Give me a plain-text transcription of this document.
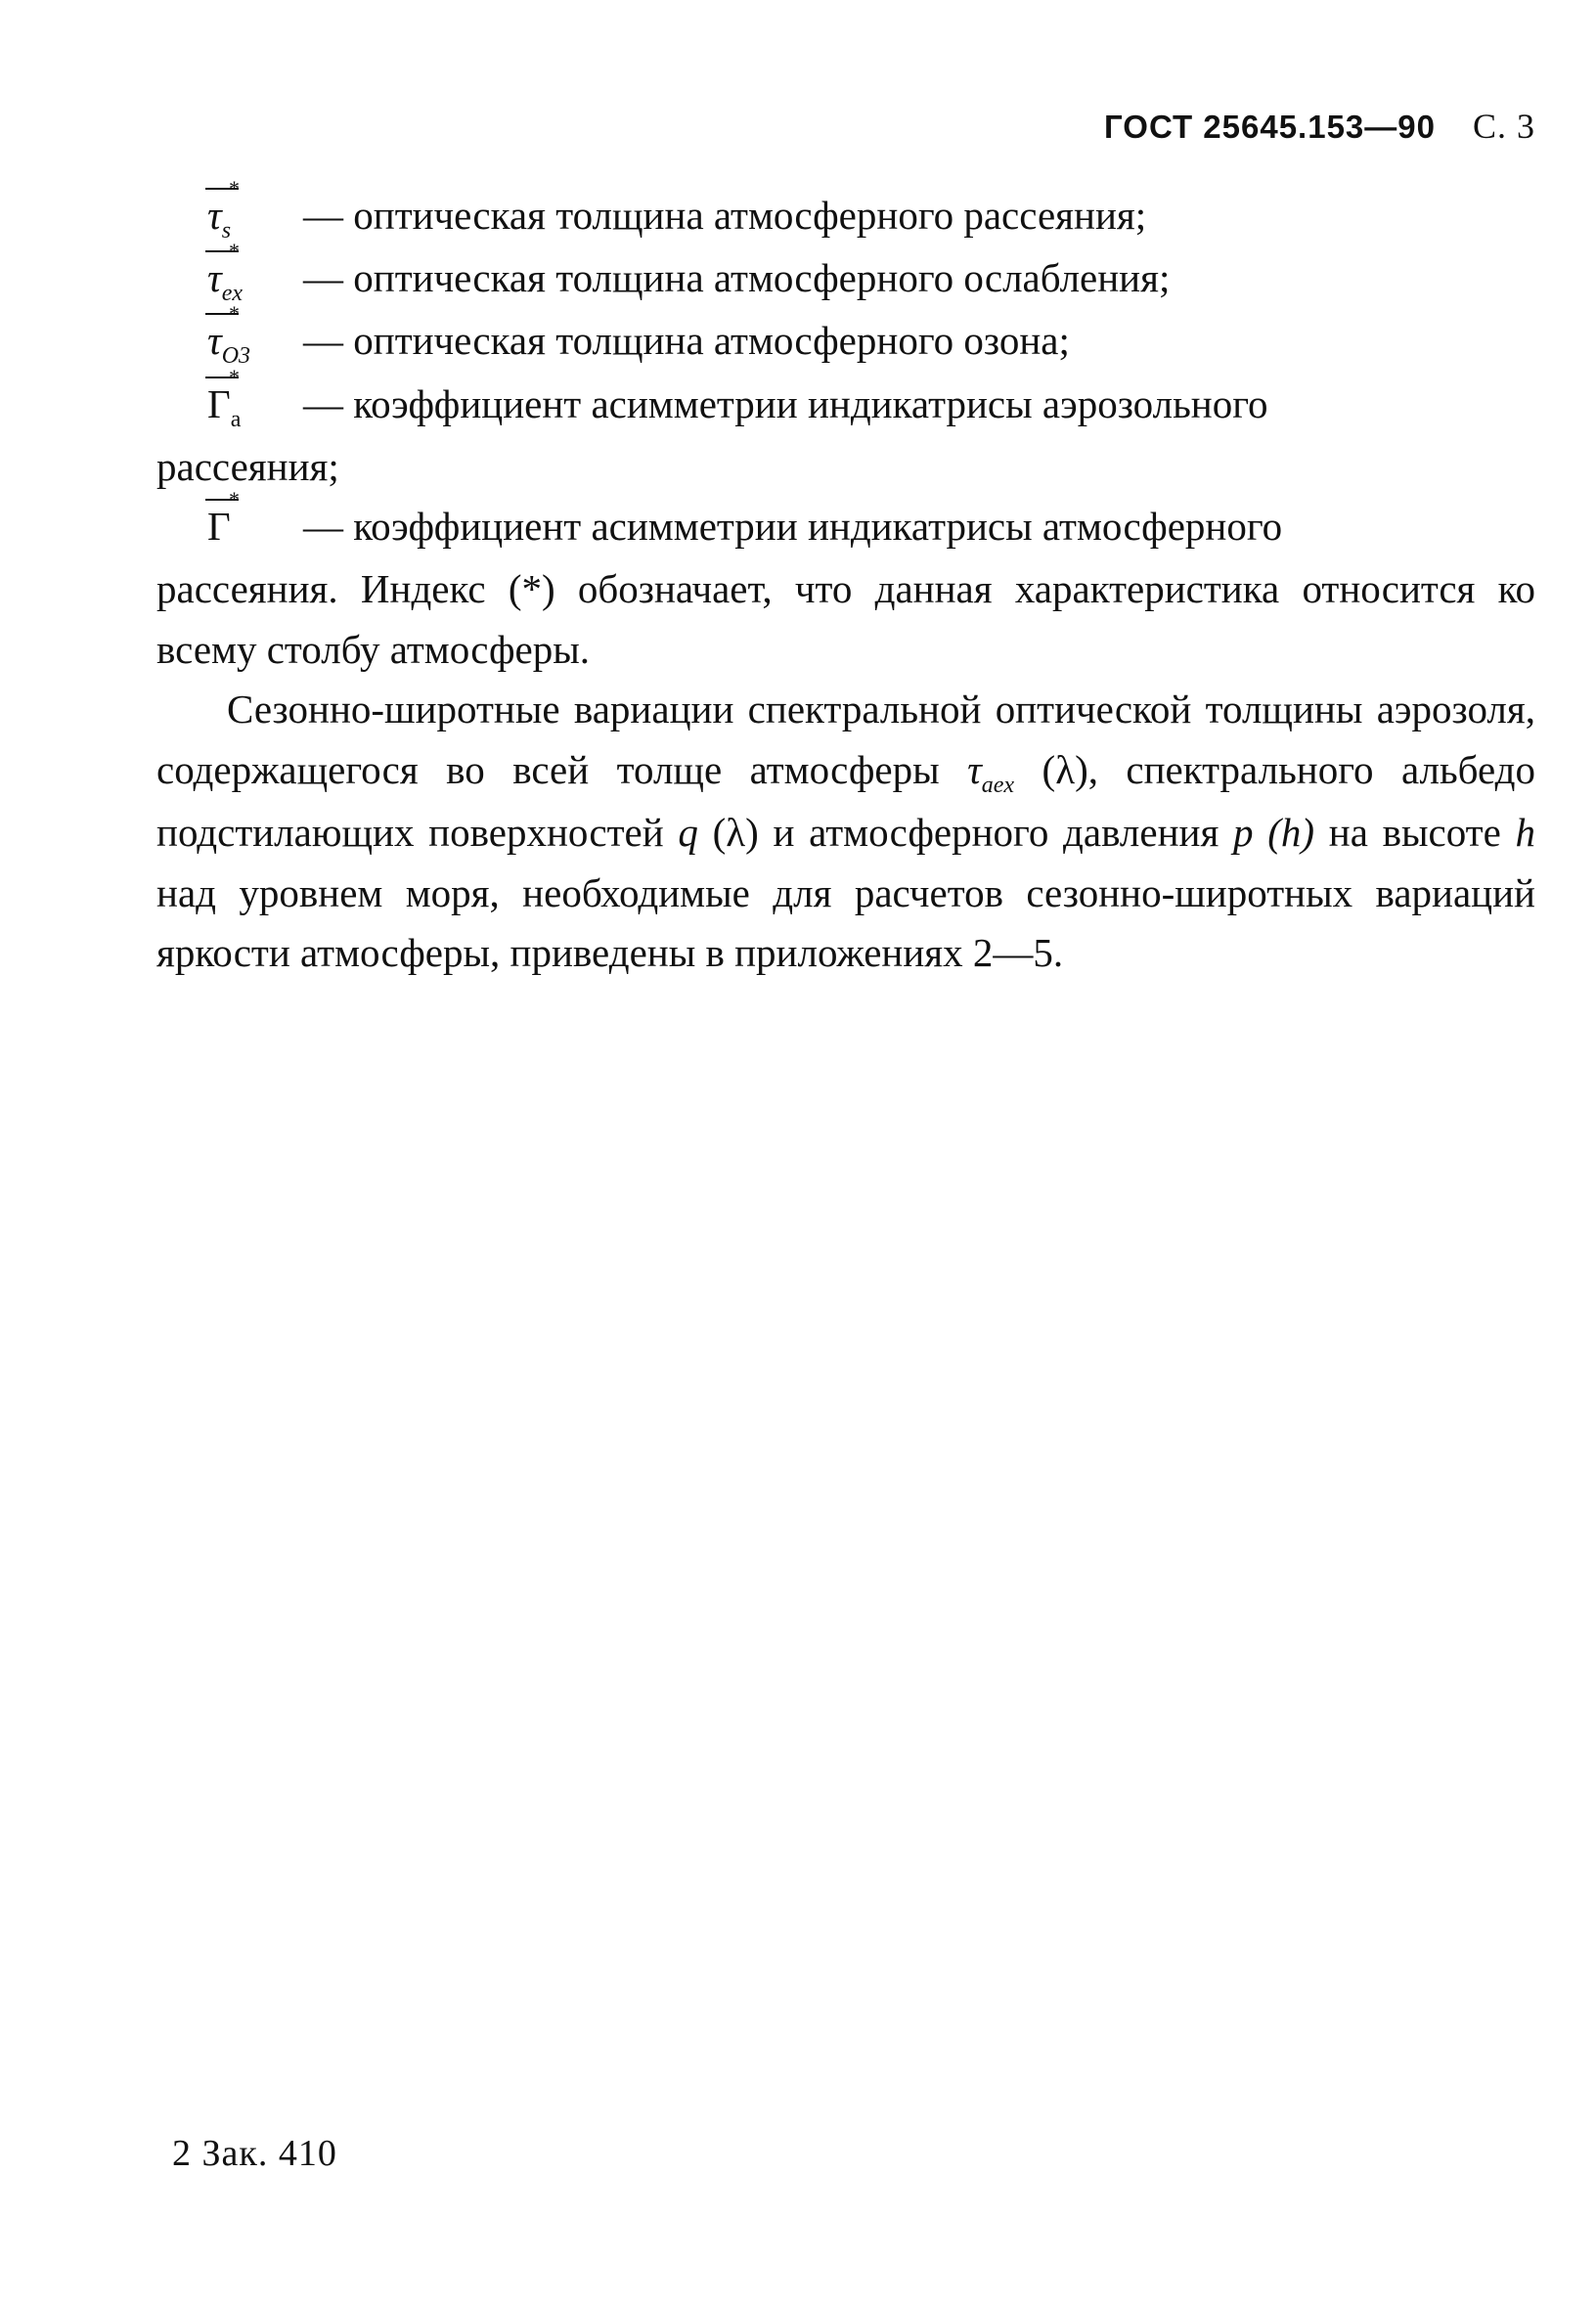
ГОСТ 25645.153—90 С. 3
*
$\tau_s$	— оптическая толщина атмосферного рассеяния;
*
$\tau_{ex}$	— оптическая толщина атмосферного ослабления;
*
$\tau_{O3}$	— оптическая толщина атмосферного озона;
*
$Г_a$	— коэффициент асимметрии индикатрисы аэрозольного
рассеяния;
*
Г	— коэффициент асимметрии индикатрисы атмосферного
рассеяния. Индекс (*) обозначает, что данная характеристика относится ко всему столбу атмосферы.

Сезонно-широтные вариации спектральной оптической толщины аэрозоля, содержащегося во всей толще атмосферы $\tau_{aex}$ (λ), спектрального альбедо подстилающих поверхностей q (λ) и атмосферного давления p (h) на высоте h над уровнем моря, необходимые для расчетов сезонно-широтных вариаций яркости атмосферы, приведены в приложениях 2—5.

2 Зак. 410
